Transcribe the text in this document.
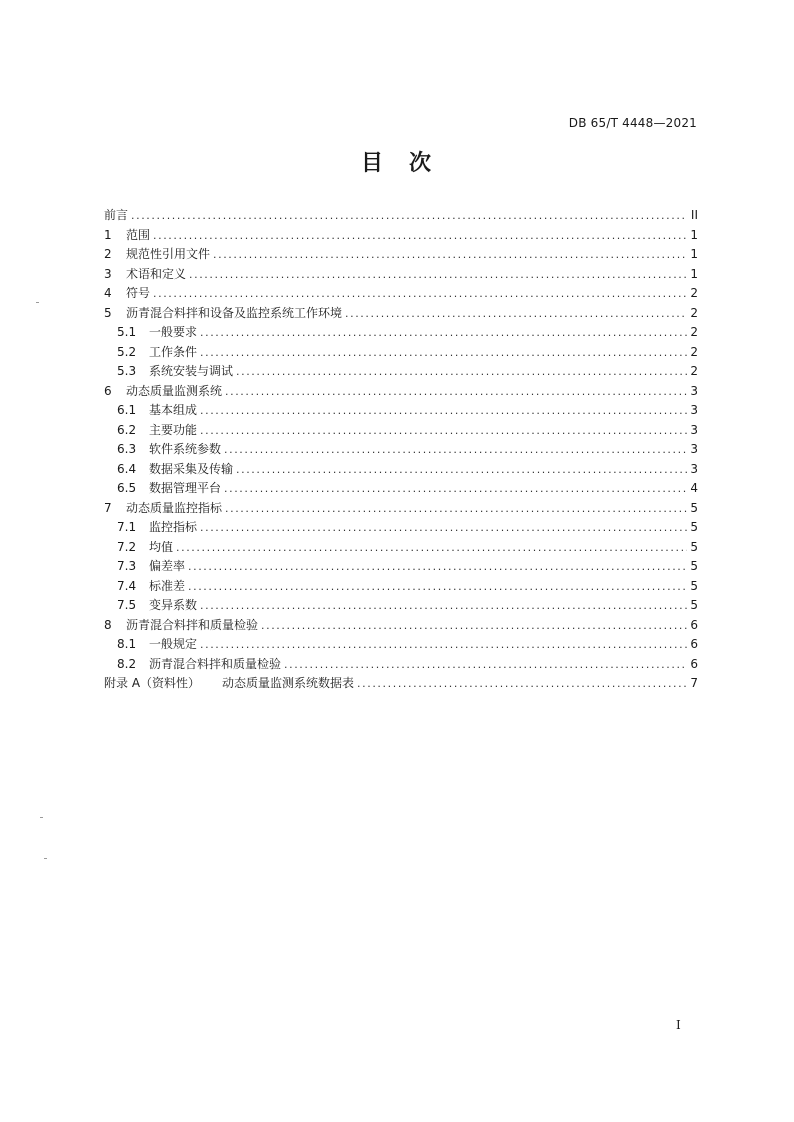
DB 65/T 4448—2021
目　次
前言 .....	II
1	范围 .....	1
2	规范性引用文件 .....	1
3	术语和定义 .....	1
4	符号 .....	2
5	沥青混合料拌和设备及监控系统工作环境 .....	2
5.1	一般要求 .....	2
5.2	工作条件 .....	2
5.3	系统安装与调试 .....	2
6	动态质量监测系统 .....	3
6.1	基本组成 .....	3
6.2	主要功能 .....	3
6.3	软件系统参数 .....	3
6.4	数据采集及传输 .....	3
6.5	数据管理平台 .....	4
7	动态质量监控指标 .....	5
7.1	监控指标 .....	5
7.2	均值 .....	5
7.3	偏差率 .....	5
7.4	标准差 .....	5
7.5	变异系数 .....	5
8	沥青混合料拌和质量检验 .....	6
8.1	一般规定 .....	6
8.2	沥青混合料拌和质量检验 .....	6
附录 A（资料性） 动态质量监测系统数据表 .....	7
I
